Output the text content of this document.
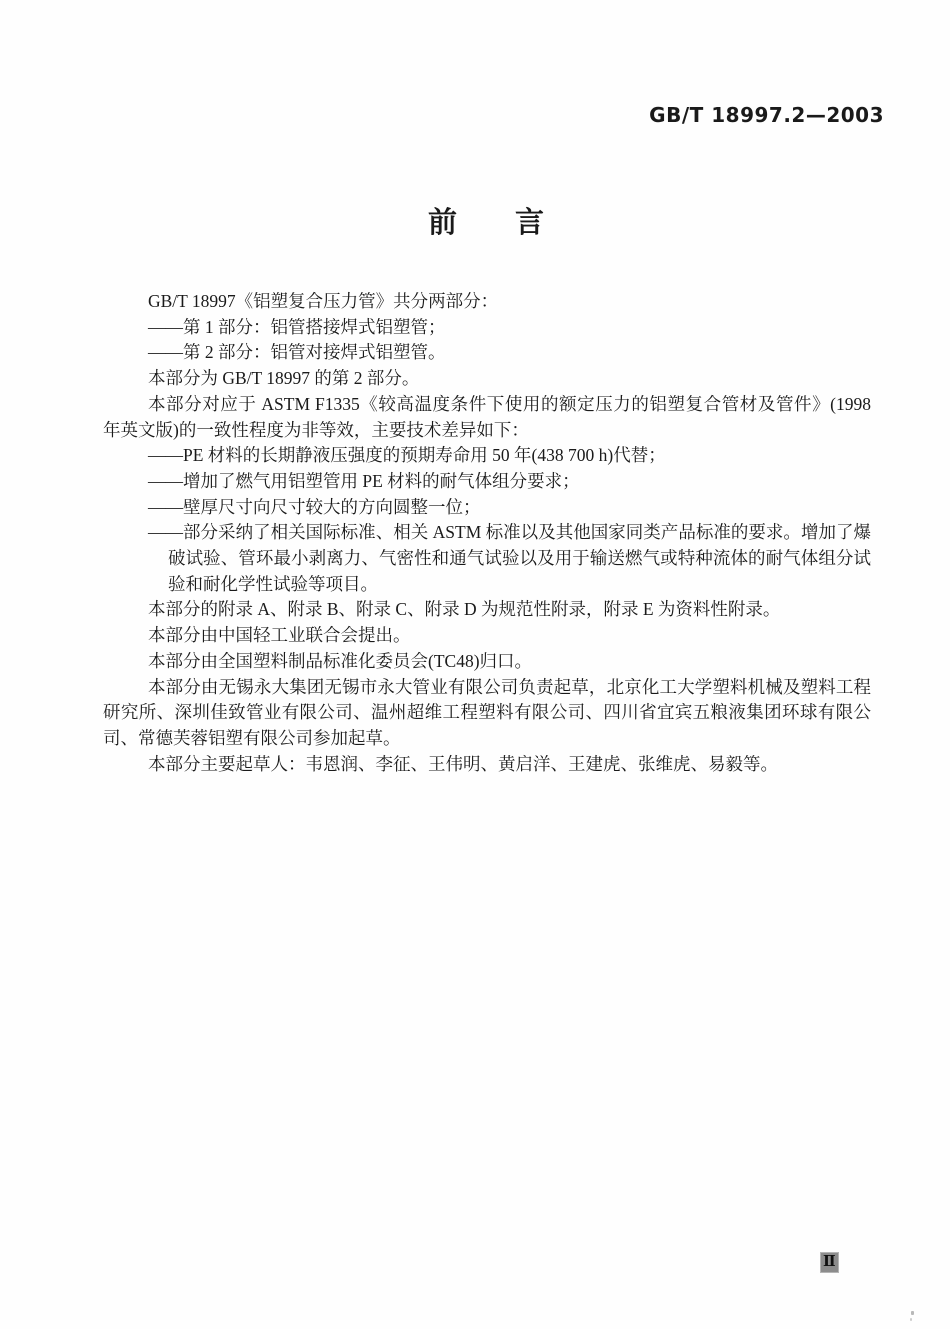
GB/T 18997.2—2003
前　　言

GB/T 18997《铝塑复合压力管》共分两部分：

——第 1 部分：铝管搭接焊式铝塑管；

——第 2 部分：铝管对接焊式铝塑管。

本部分为 GB/T 18997 的第 2 部分。

本部分对应于 ASTM F1335《较高温度条件下使用的额定压力的铝塑复合管材及管件》(1998 年英文版)的一致性程度为非等效，主要技术差异如下：

——PE 材料的长期静液压强度的预期寿命用 50 年(438 700 h)代替；

——增加了燃气用铝塑管用 PE 材料的耐气体组分要求；

——壁厚尺寸向尺寸较大的方向圆整一位；

——部分采纳了相关国际标准、相关 ASTM 标准以及其他国家同类产品标准的要求。增加了爆破试验、管环最小剥离力、气密性和通气试验以及用于输送燃气或特种流体的耐气体组分试验和耐化学性试验等项目。

本部分的附录 A、附录 B、附录 C、附录 D 为规范性附录，附录 E 为资料性附录。

本部分由中国轻工业联合会提出。

本部分由全国塑料制品标准化委员会(TC48)归口。

本部分由无锡永大集团无锡市永大管业有限公司负责起草，北京化工大学塑料机械及塑料工程研究所、深圳佳致管业有限公司、温州超维工程塑料有限公司、四川省宜宾五粮液集团环球有限公司、常德芙蓉铝塑有限公司参加起草。

本部分主要起草人：韦恩润、李征、王伟明、黄启洋、王建虎、张维虎、易毅等。

Ⅱ
